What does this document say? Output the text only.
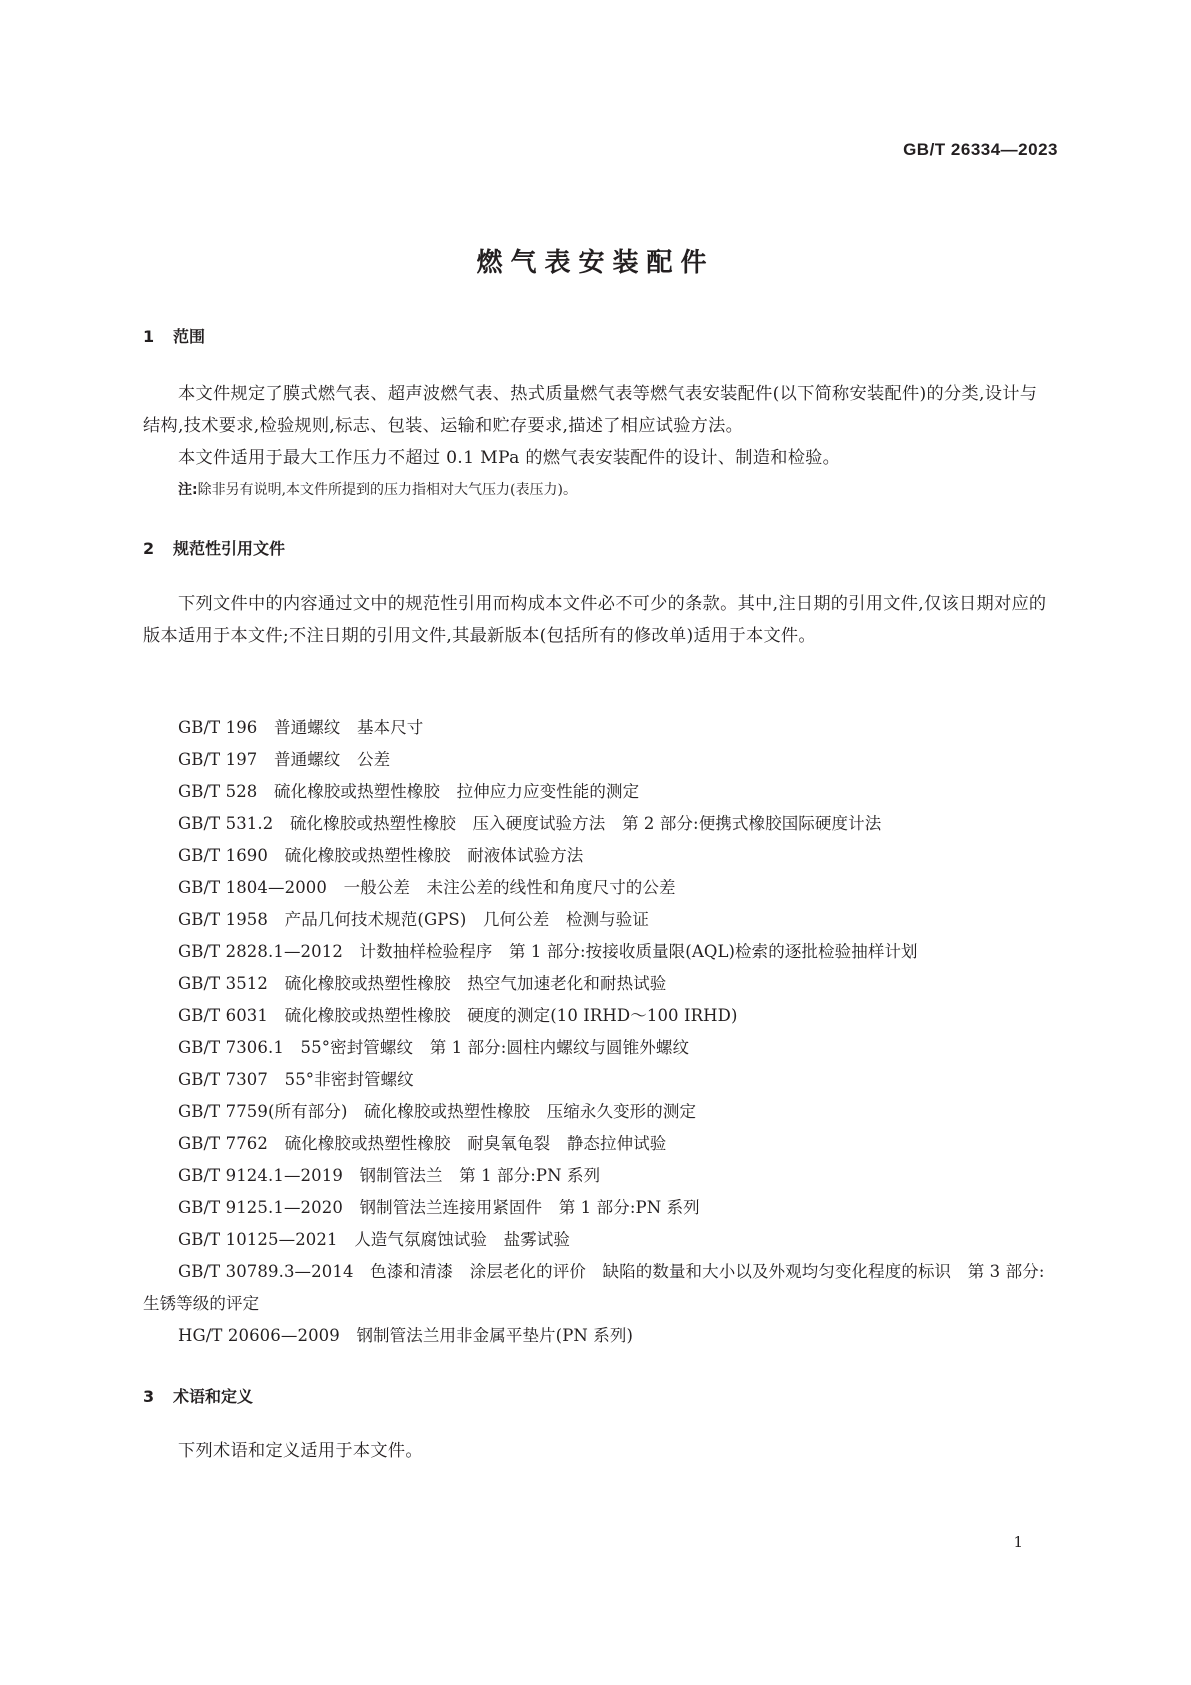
GB/T 26334—2023
燃气表安装配件
1 范围
本文件规定了膜式燃气表、超声波燃气表、热式质量燃气表等燃气表安装配件(以下简称安装配件)的分类,设计与结构,技术要求,检验规则,标志、包装、运输和贮存要求,描述了相应试验方法。
本文件适用于最大工作压力不超过 0.1 MPa 的燃气表安装配件的设计、制造和检验。
注:除非另有说明,本文件所提到的压力指相对大气压力(表压力)。
2 规范性引用文件
下列文件中的内容通过文中的规范性引用而构成本文件必不可少的条款。其中,注日期的引用文件,仅该日期对应的版本适用于本文件;不注日期的引用文件,其最新版本(包括所有的修改单)适用于本文件。
GB/T 196　普通螺纹　基本尺寸
GB/T 197　普通螺纹　公差
GB/T 528　硫化橡胶或热塑性橡胶　拉伸应力应变性能的测定
GB/T 531.2　硫化橡胶或热塑性橡胶　压入硬度试验方法　第 2 部分:便携式橡胶国际硬度计法
GB/T 1690　硫化橡胶或热塑性橡胶　耐液体试验方法
GB/T 1804—2000　一般公差　未注公差的线性和角度尺寸的公差
GB/T 1958　产品几何技术规范(GPS)　几何公差　检测与验证
GB/T 2828.1—2012　计数抽样检验程序　第 1 部分:按接收质量限(AQL)检索的逐批检验抽样计划
GB/T 3512　硫化橡胶或热塑性橡胶　热空气加速老化和耐热试验
GB/T 6031　硫化橡胶或热塑性橡胶　硬度的测定(10 IRHD～100 IRHD)
GB/T 7306.1　55°密封管螺纹　第 1 部分:圆柱内螺纹与圆锥外螺纹
GB/T 7307　55°非密封管螺纹
GB/T 7759(所有部分)　硫化橡胶或热塑性橡胶　压缩永久变形的测定
GB/T 7762　硫化橡胶或热塑性橡胶　耐臭氧龟裂　静态拉伸试验
GB/T 9124.1—2019　钢制管法兰　第 1 部分:PN 系列
GB/T 9125.1—2020　钢制管法兰连接用紧固件　第 1 部分:PN 系列
GB/T 10125—2021　人造气氛腐蚀试验　盐雾试验
GB/T 30789.3—2014　色漆和清漆　涂层老化的评价　缺陷的数量和大小以及外观均匀变化程度的标识　第 3 部分:生锈等级的评定
HG/T 20606—2009　钢制管法兰用非金属平垫片(PN 系列)
3 术语和定义
下列术语和定义适用于本文件。
1
